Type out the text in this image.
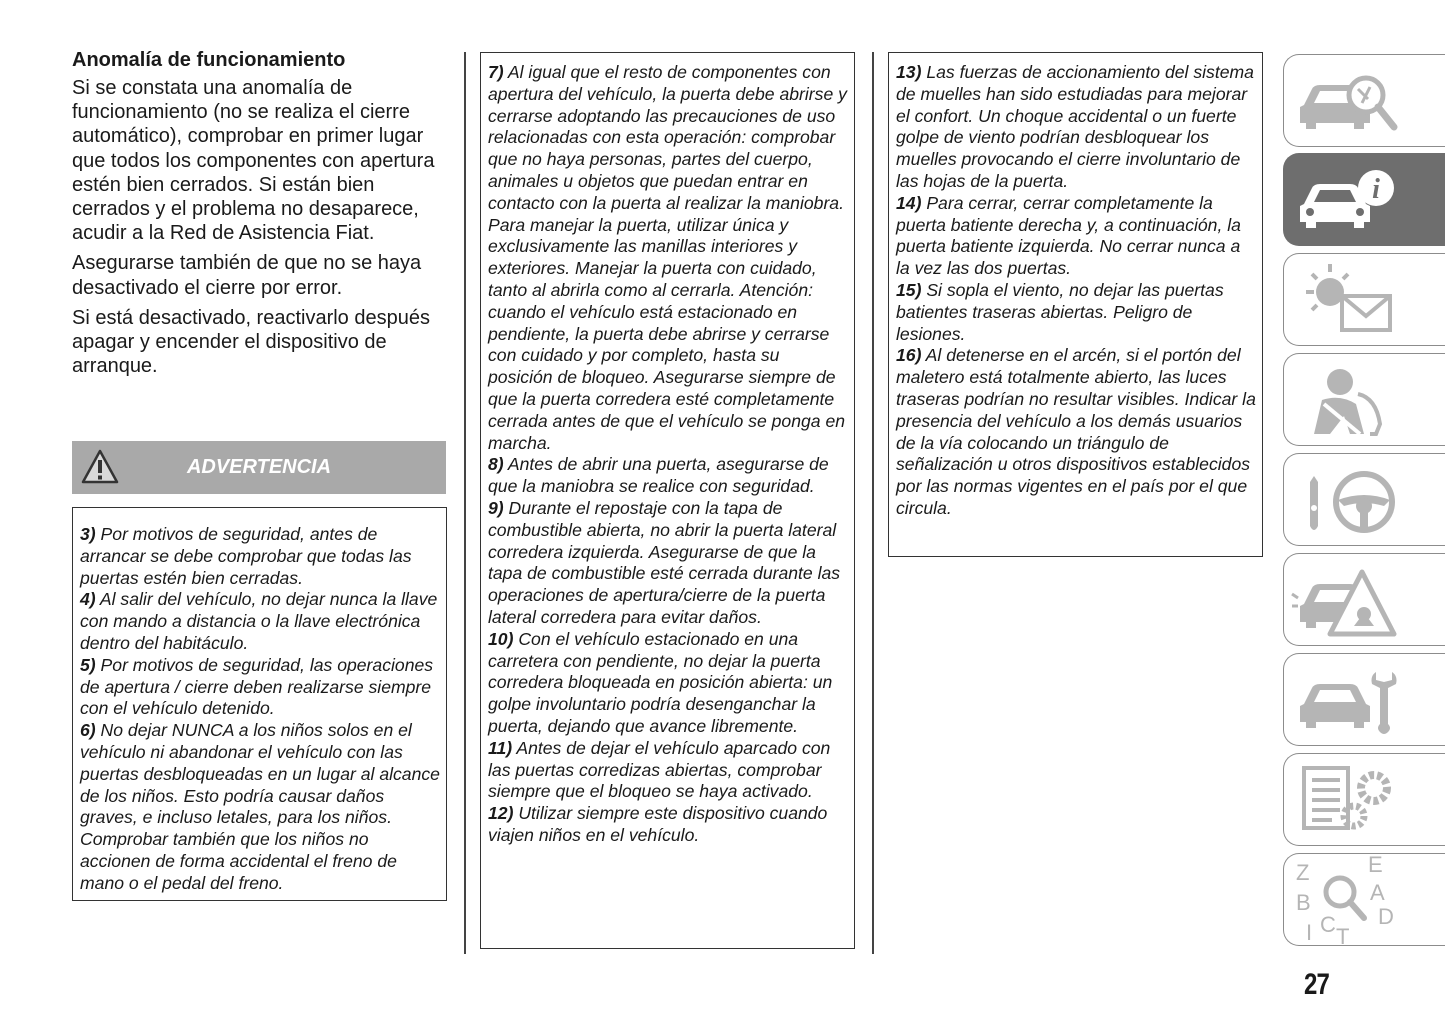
Anomalía de funcionamiento

Si se constata una anomalía de funcionamiento (no se realiza el cierre automático), comprobar en primer lugar que todos los componentes con apertura estén bien cerrados. Si están bien cerrados y el problema no desaparece, acudir a la Red de Asistencia Fiat.

Asegurarse también de que no se haya desactivado el cierre por error.

Si está desactivado, reactivarlo después apagar y encender el dispositivo de arranque.

ADVERTENCIA

3) Por motivos de seguridad, antes de arrancar se debe comprobar que todas las puertas estén bien cerradas.

4) Al salir del vehículo, no dejar nunca la llave con mando a distancia o la llave electrónica dentro del habitáculo.

5) Por motivos de seguridad, las operaciones de apertura / cierre deben realizarse siempre con el vehículo detenido.

6) No dejar NUNCA a los niños solos en el vehículo ni abandonar el vehículo con las puertas desbloqueadas en un lugar al alcance de los niños. Esto podría causar daños graves, e incluso letales, para los niños. Comprobar también que los niños no accionen de forma accidental el freno de mano o el pedal del freno.

7) Al igual que el resto de componentes con apertura del vehículo, la puerta debe abrirse y cerrarse adoptando las precauciones de uso relacionadas con esta operación: comprobar que no haya personas, partes del cuerpo, animales u objetos que puedan entrar en contacto con la puerta al realizar la maniobra. Para manejar la puerta, utilizar única y exclusivamente las manillas interiores y exteriores. Manejar la puerta con cuidado, tanto al abrirla como al cerrarla. Atención: cuando el vehículo está estacionado en pendiente, la puerta debe abrirse y cerrarse con cuidado y por completo, hasta su posición de bloqueo. Asegurarse siempre de que la puerta corredera esté completamente cerrada antes de que el vehículo se ponga en marcha.

8) Antes de abrir una puerta, asegurarse de que la maniobra se realice con seguridad.

9) Durante el repostaje con la tapa de combustible abierta, no abrir la puerta lateral corredera izquierda. Asegurarse de que la tapa de combustible esté cerrada durante las operaciones de apertura/cierre de la puerta lateral corredera para evitar daños.

10) Con el vehículo estacionado en una carretera con pendiente, no dejar la puerta corredera bloqueada en posición abierta: un golpe involuntario podría desenganchar la puerta, dejando que avance libremente.

11) Antes de dejar el vehículo aparcado con las puertas corredizas abiertas, comprobar siempre que el bloqueo se haya activado.

12) Utilizar siempre este dispositivo cuando viajen niños en el vehículo.

13) Las fuerzas de accionamiento del sistema de muelles han sido estudiadas para mejorar el confort. Un choque accidental o un fuerte golpe de viento podrían desbloquear los muelles provocando el cierre involuntario de las hojas de la puerta.

14) Para cerrar, cerrar completamente la puerta batiente derecha y, a continuación, la puerta batiente izquierda. No cerrar nunca a la vez las dos puertas.

15) Si sopla el viento, no dejar las puertas batientes traseras abiertas. Peligro de lesiones.

16) Al detenerse en el arcén, si el portón del maletero está totalmente abierto, las luces traseras podrían no resultar visibles. Indicar la presencia del vehículo a los demás usuarios de la vía colocando un triángulo de señalización u otros dispositivos establecidos por las normas vigentes en el país por el que circula.

i
Z	E
B	A
I C T
D
27
